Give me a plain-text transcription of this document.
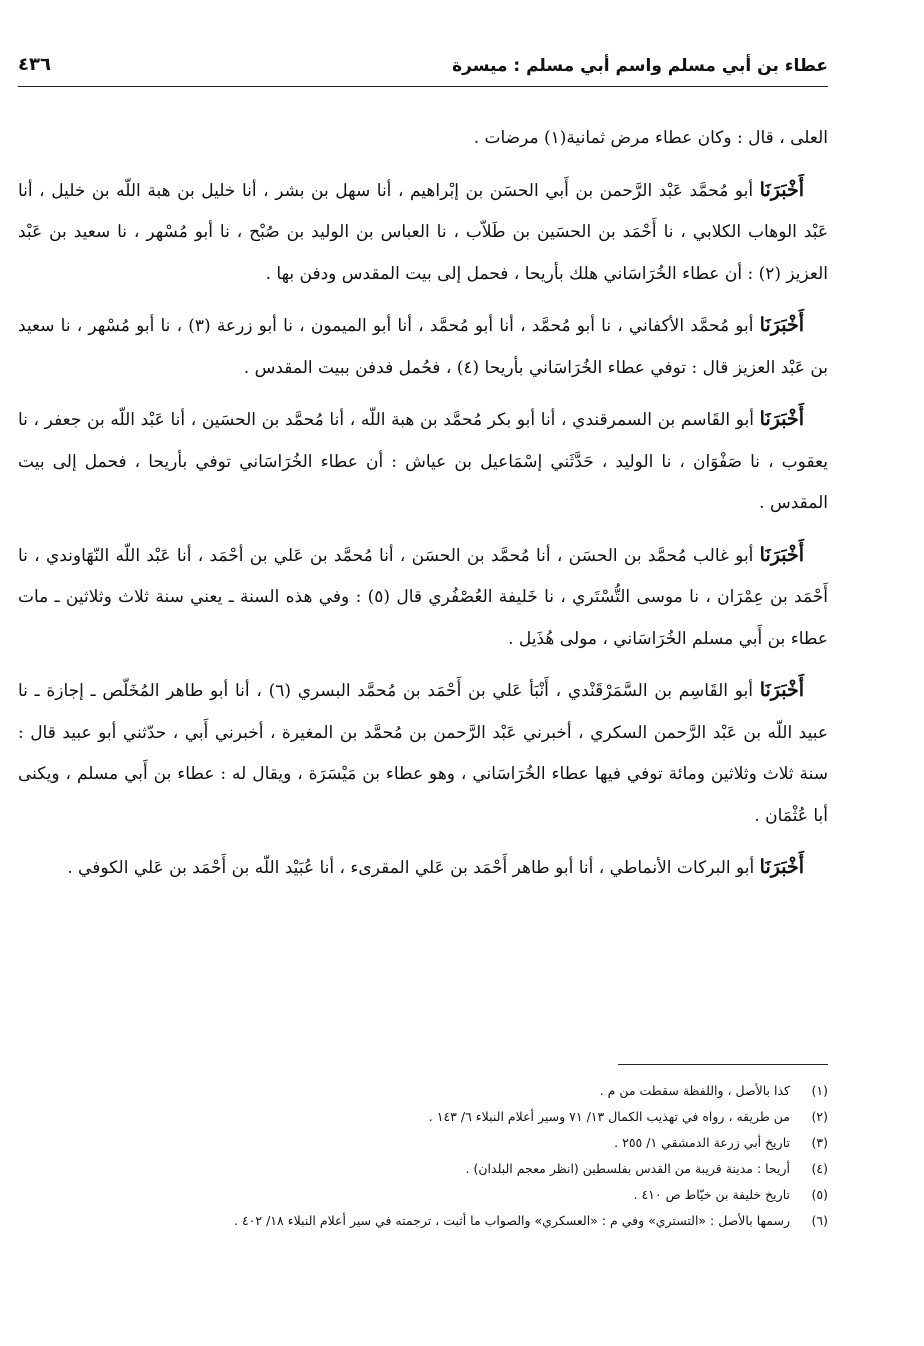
عطاء بن أبي مسلم واسم أبي مسلم : ميسرة
٤٣٦

العلى ، قال : وكان عطاء مرض ثمانية(١) مرضات .

أَخْبَرَنَا أبو مُحمَّد عَبْد الرَّحمن بن أَبي الحسَن بن إبْراهيم ، أنا سهل بن بشر ، أنا خليل بن هبة اللّه بن خليل ، أنا عَبْد الوهاب الكلابي ، نا أَحْمَد بن الحسَين بن طَلاّب ، نا العباس بن الوليد بن صُبْح ، نا أبو مُسْهر ، نا سعيد بن عَبْد العزيز (٢) : أن عطاء الخُرَاسَاني هلك بأريحا ، فحمل إلى بيت المقدس ودفن بها .

أَخْبَرَنَا أبو مُحمَّد الأكفاني ، نا أبو مُحمَّد ، أنا أبو مُحمَّد ، أنا أبو الميمون ، نا أبو زرعة (٣) ، نا أبو مُسْهر ، نا سعيد بن عَبْد العزيز قال : توفي عطاء الخُرَاسَاني بأريحا (٤) ، فحُمل فدفن ببيت المقدس .

أَخْبَرَنَا أبو القَاسم بن السمرقندي ، أنا أبو بكر مُحمَّد بن هبة اللّه ، أنا مُحمَّد بن الحسَين ، أنا عَبْد اللّه بن جعفر ، نا يعقوب ، نا صَفْوَان ، نا الوليد ، حَدَّثَني إسْمَاعيل بن عياش : أن عطاء الخُرَاسَاني توفي بأريحا ، فحمل إلى بيت المقدس .

أَخْبَرَنَا أبو غالب مُحمَّد بن الحسَن ، أنا مُحمَّد بن الحسَن ، أنا مُحمَّد بن عَلي بن أحْمَد ، أنا عَبْد اللّه النّهَاوندي ، نا أَحْمَد بن عِمْرَان ، نا موسى التُّسْتَري ، نا خَليفة العُصْفُري قال (٥) : وفي هذه السنة ـ يعني سنة ثلاث وثلاثين ـ مات عطاء بن أَبي مسلم الخُرَاسَاني ، مولى هُذَيل .

أَخْبَرَنَا أبو القَاسِم بن السَّمَرْقَنْدي ، أَنْبَأ عَلي بن أَحْمَد بن مُحمَّد البسري (٦) ، أنا أبو طاهر المُخَلّص ـ إجازة ـ نا عبيد اللّه بن عَبْد الرَّحمن السكري ، أخبرني عَبْد الرَّحمن بن مُحمَّد بن المغيرة ، أخبرني أَبي ، حدّثني أبو عبيد قال : سنة ثلاث وثلاثين ومائة توفي فيها عطاء الخُرَاسَاني ، وهو عطاء بن مَيْسَرَة ، ويقال له : عطاء بن أَبي مسلم ، ويكنى أبا عُثْمَان .

أَخْبَرَنَا أبو البركات الأنماطي ، أنا أبو طاهر أَحْمَد بن عَلي المقرىء ، أنا عُبَيْد اللّه بن أَحْمَد بن عَلي الكوفي .

(١)
كذا بالأصل ، واللفظة سقطت من م .
(٢)
من طريقه ، رواه في تهذيب الكمال ١٣/ ٧١ وسير أعلام النبلاء ٦/ ١٤٣ .
(٣)
تاريخ أبي زرعة الدمشقي ١/ ٢٥٥ .
(٤)
أريحا : مدينة قريبة من القدس بفلسطين (انظر معجم البلدان) .
(٥)
تاريخ خليفة بن خيّاط ص ٤١٠ .
(٦)
رسمها بالأصل : «التستري» وفي م : «العسكري» والصواب ما أثبت ، ترجمته في سير أعلام النبلاء ١٨/ ٤٠٢ .
